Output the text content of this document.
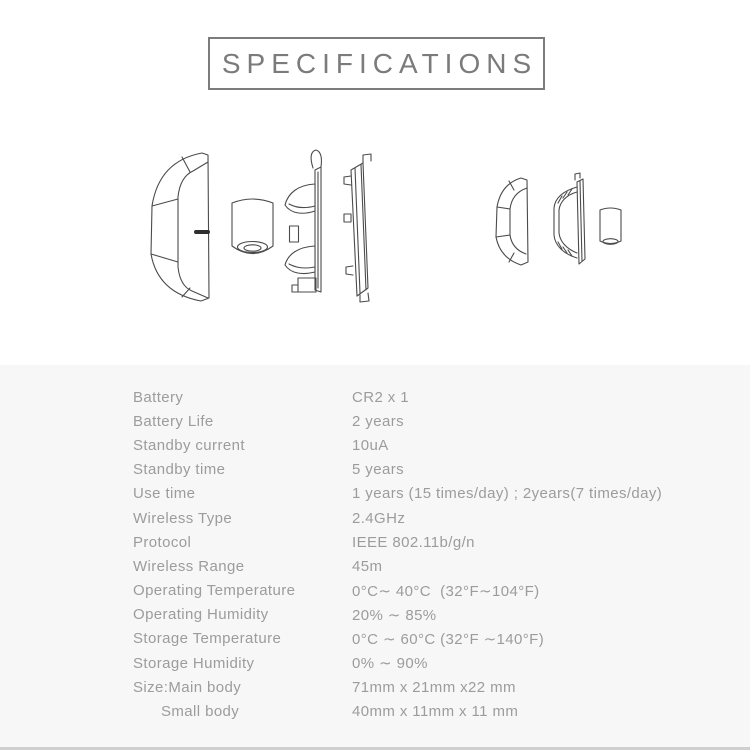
SPECIFICATIONS
Battery	CR2 x 1
Battery Life	2 years
Standby current	10uA
Standby time	5 years
Use time	1 years (15 times/day) ; 2years(7 times/day)
Wireless Type	2.4GHz
Protocol	IEEE 802.11b/g/n
Wireless Range	45m
Operating Temperature	0°C∼ 40°C  (32°F∼104°F)
Operating Humidity	20% ∼ 85%
Storage Temperature	0°C ∼ 60°C (32°F ∼140°F)
Storage Humidity	0% ∼ 90%
Size:Main body	71mm x 21mm x22 mm
Small body	40mm x 11mm x 11 mm
